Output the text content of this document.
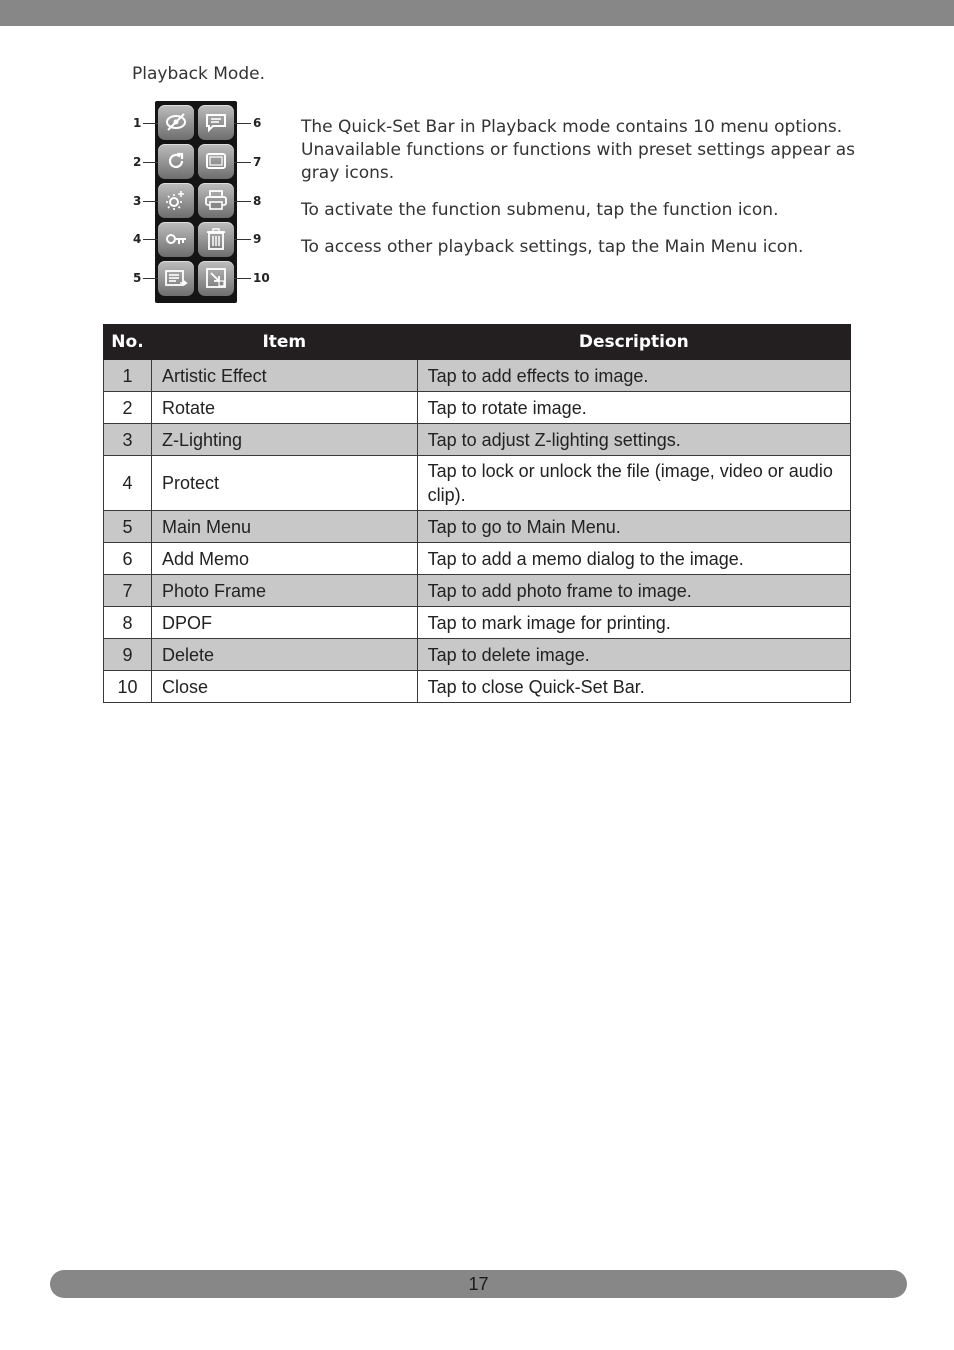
Playback Mode.
1
2
3
4
5
6
7
8
9
10

The Quick-Set Bar in Playback mode contains 10 menu options. Unavailable functions or functions with preset settings appear as gray icons.

To activate the function submenu, tap the function icon.

To access other playback settings, tap the Main Menu icon.

No.	Item	Description
1	Artistic Effect	Tap to add effects to image.
2	Rotate	Tap to rotate image.
3	Z-Lighting	Tap to adjust Z-lighting settings.
4	Protect	Tap to lock or unlock the file (image, video or audio clip).
5	Main Menu	Tap to go to Main Menu.
6	Add Memo	Tap to add a memo dialog to the image.
7	Photo Frame	Tap to add photo frame to image.
8	DPOF	Tap to mark image for printing.
9	Delete	Tap to delete image.
10	Close	Tap to close Quick-Set Bar.
17
